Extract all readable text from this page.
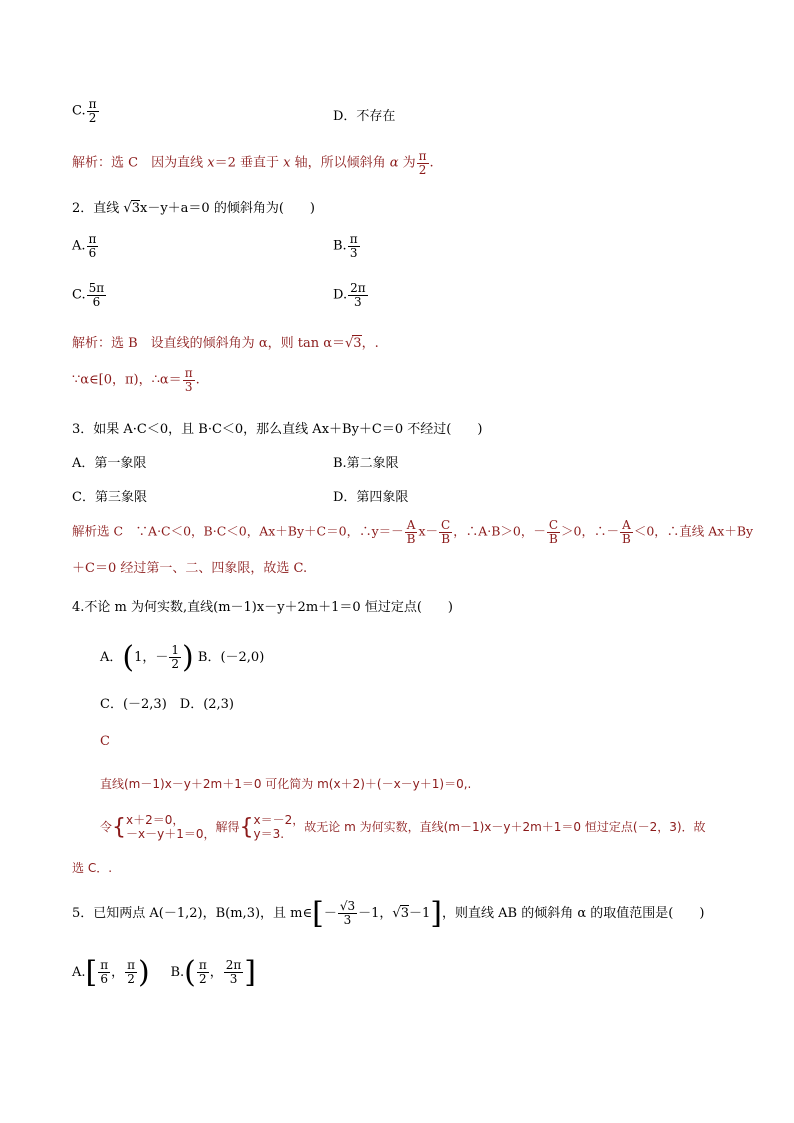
C. $\frac{\pi}{2}$	D．不存在
解析：选 C　因为直线 x＝2 垂直于 x 轴，所以倾斜角 α 为 $\frac{\pi}{2}$ .
2．直线 √3x－y＋a＝0 的倾斜角为(　　)
A. $\frac{\pi}{6}$	B. $\frac{\pi}{3}$
C. $\frac{5\pi}{6}$	D. $\frac{2\pi}{3}$
解析：选 B　设直线的倾斜角为 α，则 tan α＝√3，.
∵α∈[0，π)，∴α＝ $\frac{\pi}{3}$ .
3．如果 A·C＜0，且 B·C＜0，那么直线 Ax＋By＋C＝0 不经过(　　)
A．第一象限	B.第二象限
C．第三象限	D．第四象限
解析选 C　∵A·C＜0，B·C＜0，Ax＋By＋C＝0，∴y＝－ $\frac{A}{B} x- \frac{C}{B}$ ，∴A·B＞0，－ $\frac{C}{B} >0$，∴－ $\frac{A}{B} <0$，∴直线 Ax＋By
＋C＝0 经过第一、二、四象限，故选 C.
4.不论 m 为何实数,直线(m－1)x－y＋2m＋1＝0 恒过定点(　　)
A．(1，－ $\frac{1}{2}$ ) B．(－2,0)
C．(－2,3)　D．(2,3)
C
直线(m－1)x－y＋2m＋1＝0 可化简为 m(x＋2)＋(－x－y＋1)＝0,.
令{ x＋2＝0，
－x－y＋1＝0，
解得{ x＝－2，
y＝3.
故无论 m 为何实数，直线(m－1)x－y＋2m＋1＝0 恒过定点(－2，3)．故
选 C．.
5．已知两点 A(－1,2)，B(m,3)，且 m∈[－ $\frac{√3}{3} -1$，√3－1]，则直线 AB 的倾斜角 α 的取值范围是(　　)
$A.[ \frac{\pi}{6}$ ， $\frac{\pi}{2}$ ) $B.( \frac{\pi}{2}$ ， $\frac{2\pi}{3}$ ]
